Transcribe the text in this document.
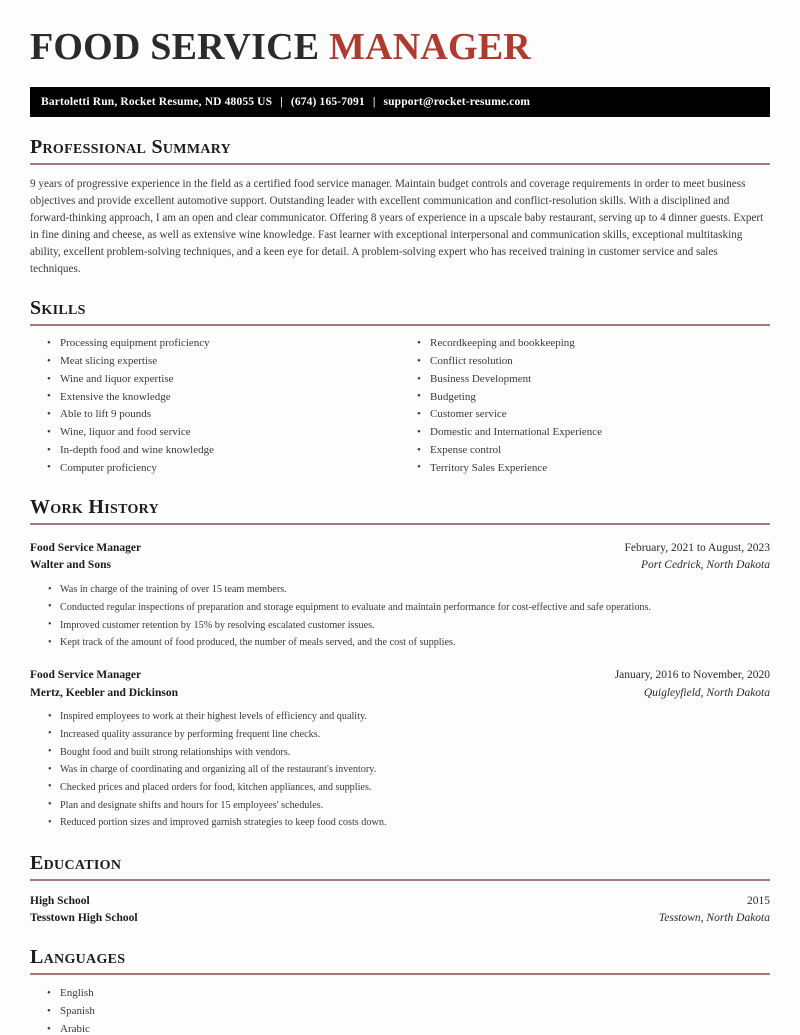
FOOD SERVICE MANAGER
Bartoletti Run, Rocket Resume, ND 48055 US | (674) 165-7091 | support@rocket-resume.com
Professional Summary
9 years of progressive experience in the field as a certified food service manager. Maintain budget controls and coverage requirements in order to meet business objectives and provide excellent automotive support. Outstanding leader with excellent communication and conflict-resolution skills. With a disciplined and forward-thinking approach, I am an open and clear communicator. Offering 8 years of experience in a upscale baby restaurant, serving up to 4 dinner guests. Expert in fine dining and cheese, as well as extensive wine knowledge. Fast learner with exceptional interpersonal and communication skills, exceptional multitasking ability, excellent problem-solving techniques, and a keen eye for detail. A problem-solving expert who has received training in customer service and sales techniques.
Skills
• Processing equipment proficiency
• Meat slicing expertise
• Wine and liquor expertise
• Extensive the knowledge
• Able to lift 9 pounds
• Wine, liquor and food service
• In-depth food and wine knowledge
• Computer proficiency
• Recordkeeping and bookkeeping
• Conflict resolution
• Business Development
• Budgeting
• Customer service
• Domestic and International Experience
• Expense control
• Territory Sales Experience
Work History
Food Service Manager	February, 2021 to August, 2023
Walter and Sons	Port Cedrick, North Dakota
• Was in charge of the training of over 15 team members.
• Conducted regular inspections of preparation and storage equipment to evaluate and maintain performance for cost-effective and safe operations.
• Improved customer retention by 15% by resolving escalated customer issues.
• Kept track of the amount of food produced, the number of meals served, and the cost of supplies.
Food Service Manager	January, 2016 to November, 2020
Mertz, Keebler and Dickinson	Quigleyfield, North Dakota
• Inspired employees to work at their highest levels of efficiency and quality.
• Increased quality assurance by performing frequent line checks.
• Bought food and built strong relationships with vendors.
• Was in charge of coordinating and organizing all of the restaurant's inventory.
• Checked prices and placed orders for food, kitchen appliances, and supplies.
• Plan and designate shifts and hours for 15 employees' schedules.
• Reduced portion sizes and improved garnish strategies to keep food costs down.
Education
High School	2015
Tesstown High School	Tesstown, North Dakota
Languages
• English
• Spanish
• Arabic
